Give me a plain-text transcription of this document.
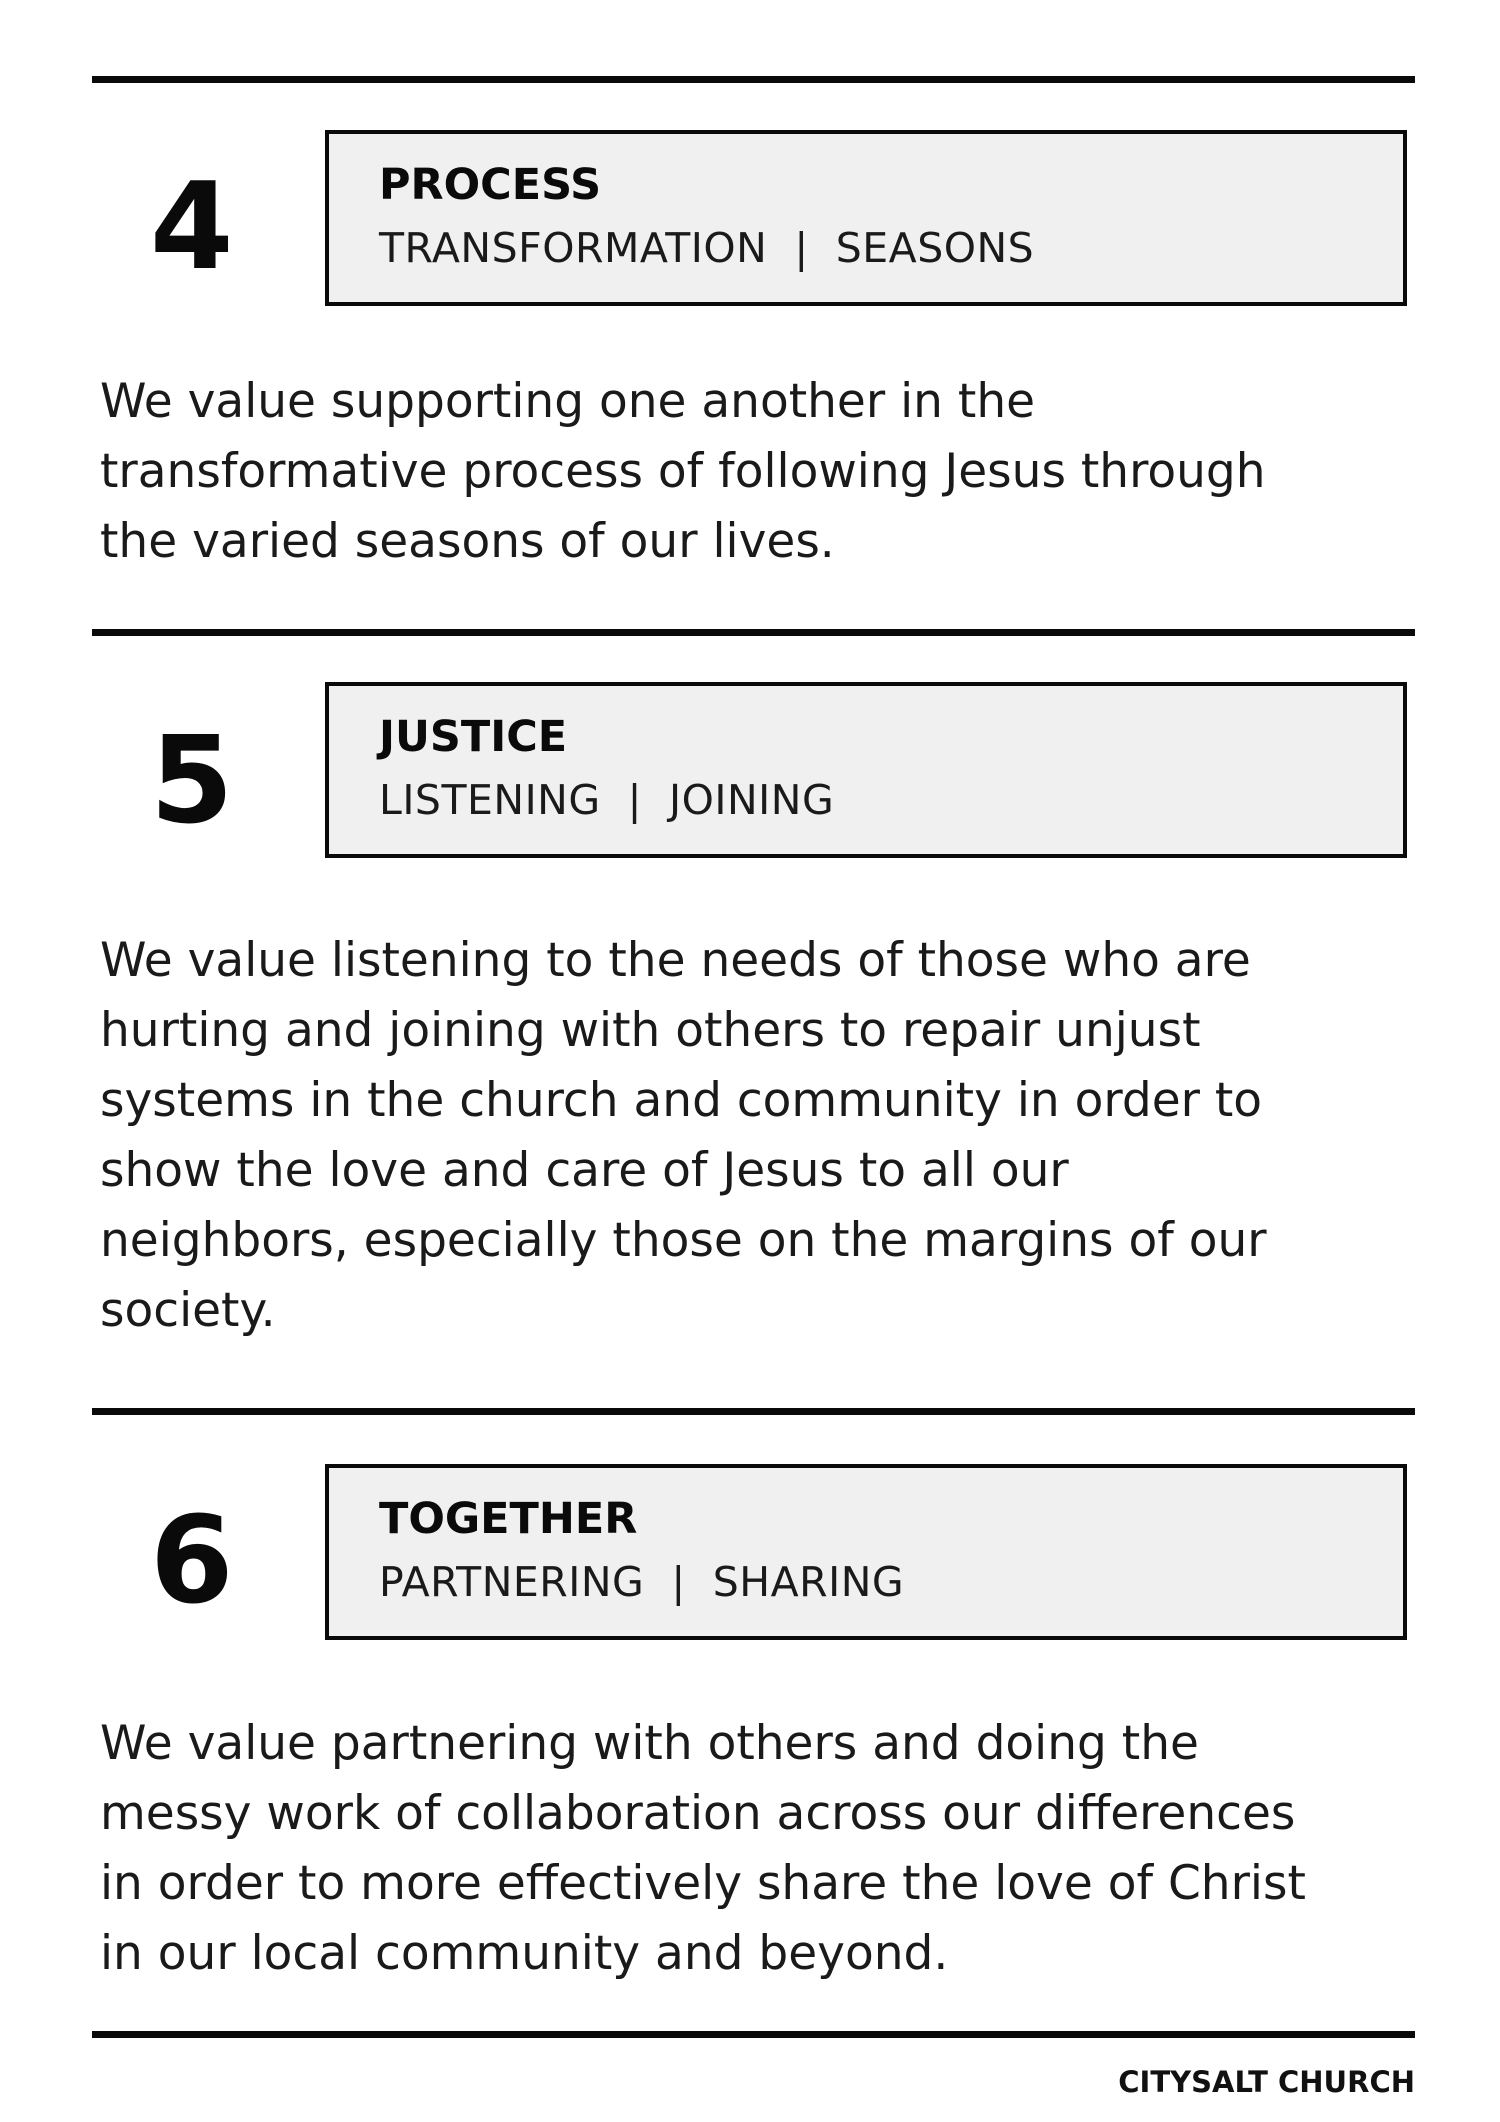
4	PROCESS
TRANSFORMATION  |  SEASONS
We value supporting one another in the
transformative process of following Jesus through
the varied seasons of our lives.
5	JUSTICE
LISTENING  |  JOINING
We value listening to the needs of those who are
hurting and joining with others to repair unjust
systems in the church and community in order to
show the love and care of Jesus to all our
neighbors, especially those on the margins of our
society.
6	TOGETHER
PARTNERING  |  SHARING
We value partnering with others and doing the
messy work of collaboration across our differences
in order to more effectively share the love of Christ
in our local community and beyond.
CITYSALT CHURCH
